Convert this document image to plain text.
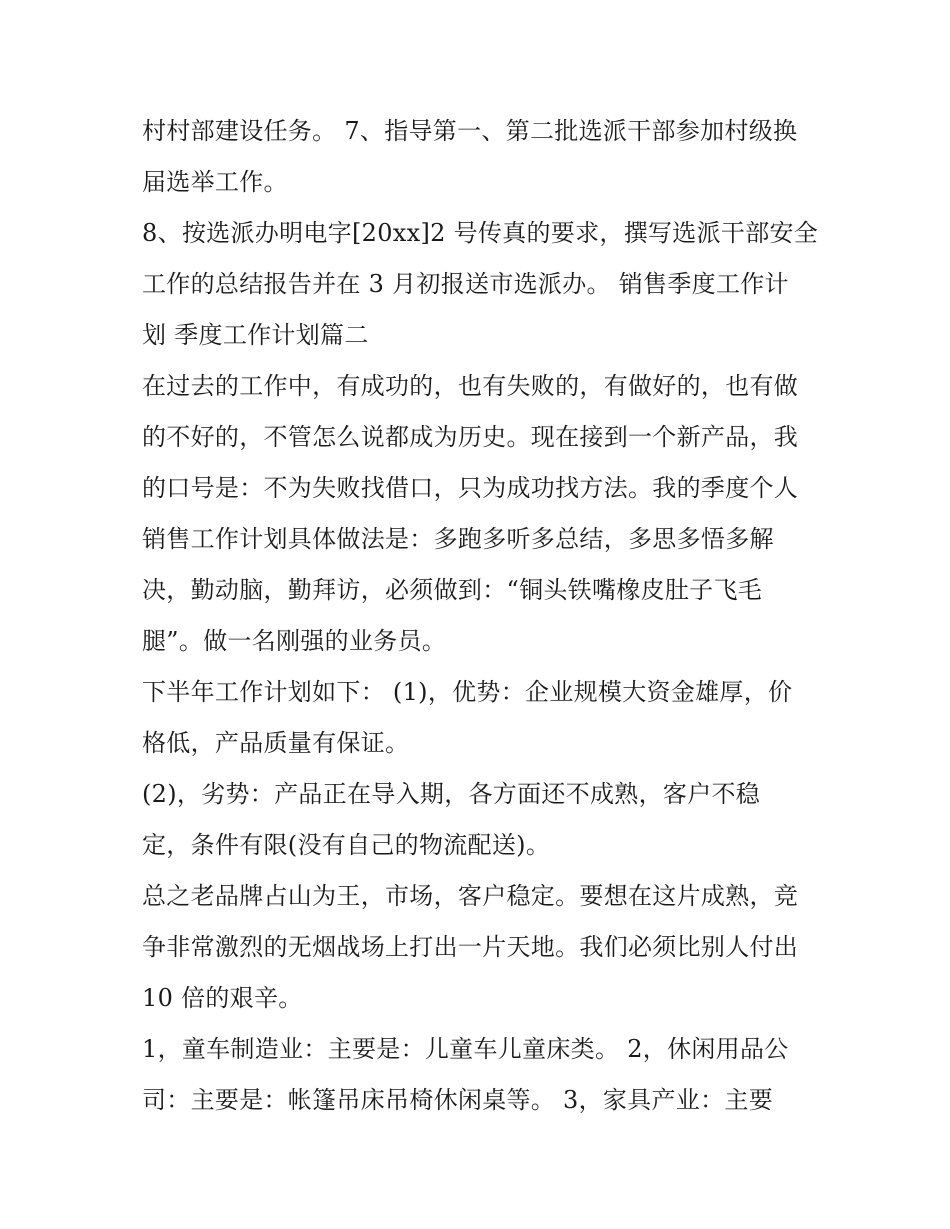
村村部建设任务。 7、指导第一、第二批选派干部参加村级换
届选举工作。
8、按选派办明电字[20xx]2 号传真的要求，撰写选派干部安全
工作的总结报告并在 3 月初报送市选派办。 销售季度工作计
划 季度工作计划篇二
在过去的工作中，有成功的，也有失败的，有做好的，也有做
的不好的，不管怎么说都成为历史。现在接到一个新产品，我
的口号是：不为失败找借口，只为成功找方法。我的季度个人
销售工作计划具体做法是：多跑多听多总结，多思多悟多解
决，勤动脑，勤拜访，必须做到：“铜头铁嘴橡皮肚子飞毛
腿”。做一名刚强的业务员。
下半年工作计划如下： (1)，优势：企业规模大资金雄厚，价
格低，产品质量有保证。
(2)，劣势：产品正在导入期，各方面还不成熟，客户不稳
定，条件有限(没有自己的物流配送)。
总之老品牌占山为王，市场，客户稳定。要想在这片成熟，竞
争非常激烈的无烟战场上打出一片天地。我们必须比别人付出
10 倍的艰辛。
1，童车制造业：主要是：儿童车儿童床类。 2，休闲用品公
司：主要是：帐篷吊床吊椅休闲桌等。 3，家具产业：主要
